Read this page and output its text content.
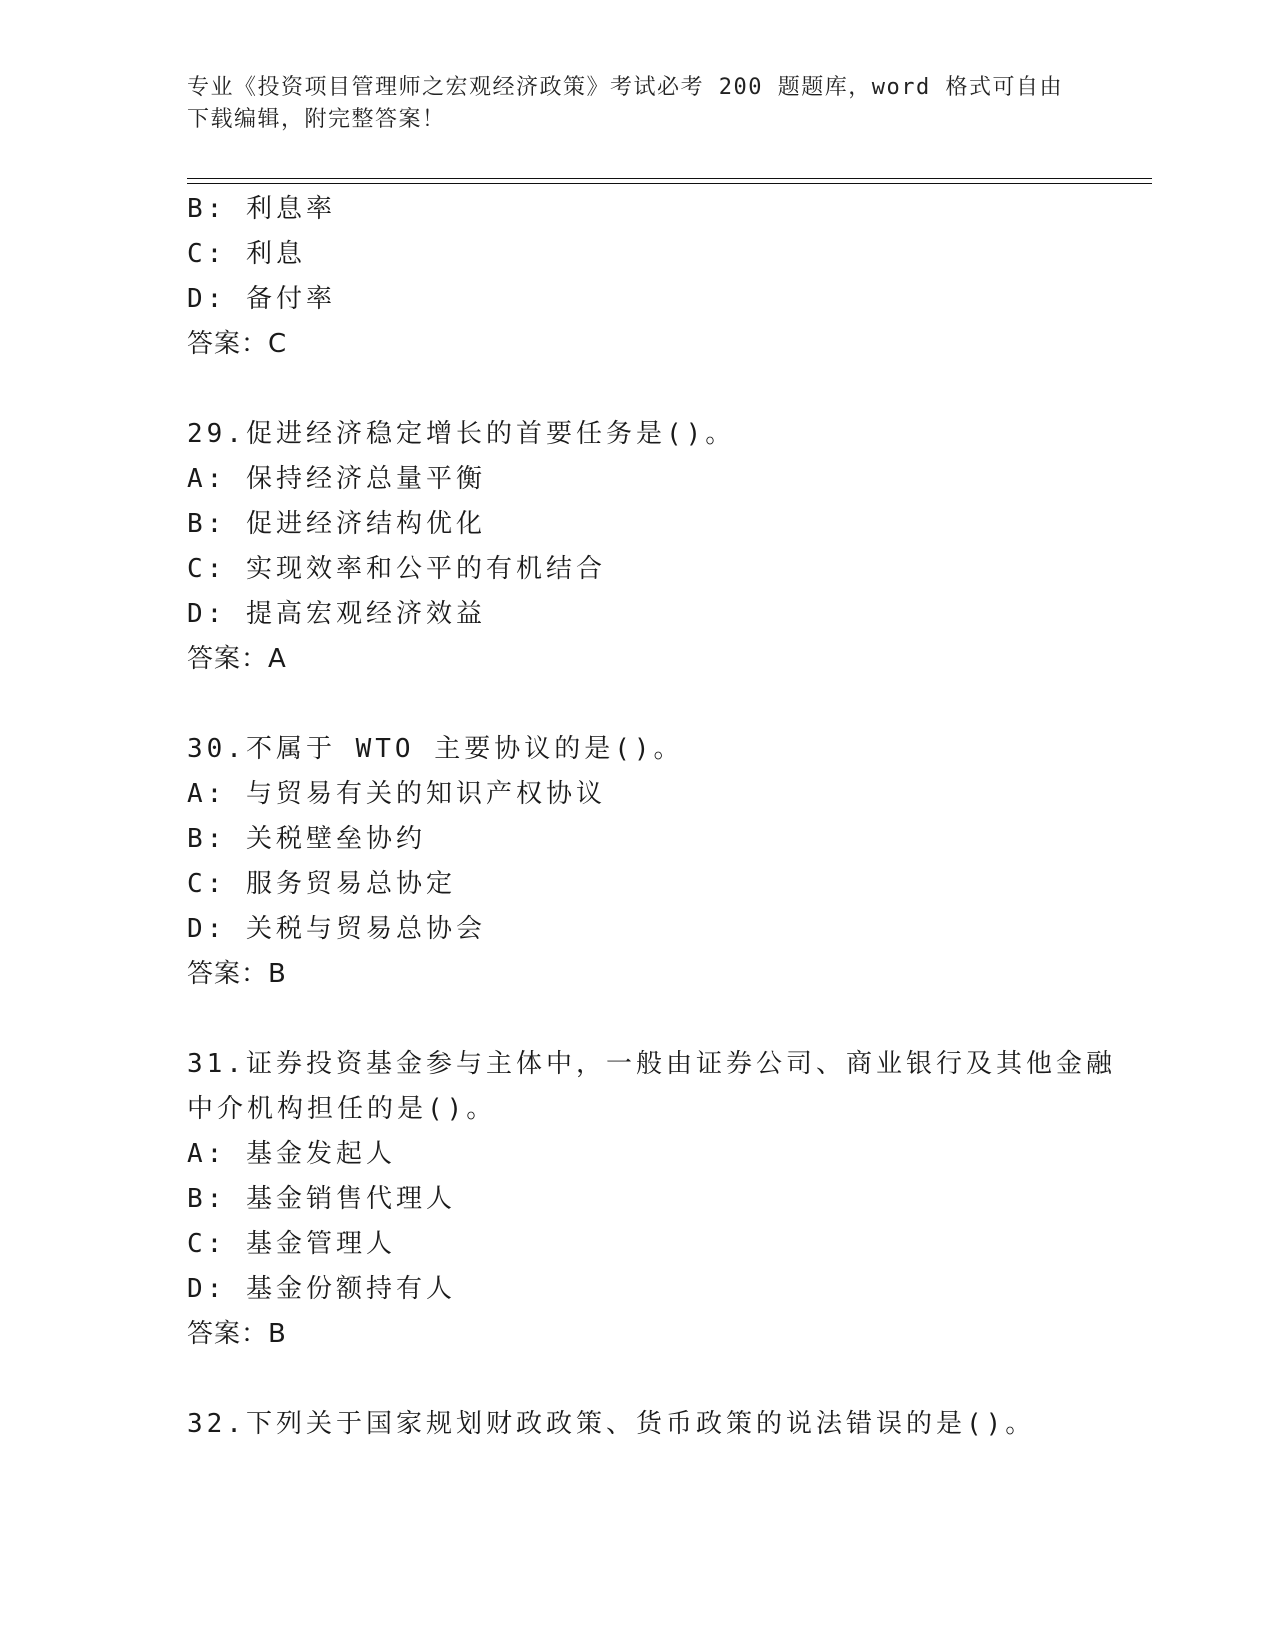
专业《投资项目管理师之宏观经济政策》考试必考 200 题题库，word 格式可自由
下载编辑，附完整答案！
B: 利息率
C: 利息
D: 备付率
答案：C
29.促进经济稳定增长的首要任务是()。
A: 保持经济总量平衡
B: 促进经济结构优化
C: 实现效率和公平的有机结合
D: 提高宏观经济效益
答案：A
30.不属于 WTO 主要协议的是()。
A: 与贸易有关的知识产权协议
B: 关税壁垒协约
C: 服务贸易总协定
D: 关税与贸易总协会
答案：B
31.证券投资基金参与主体中，一般由证券公司、商业银行及其他金融
中介机构担任的是()。
A: 基金发起人
B: 基金销售代理人
C: 基金管理人
D: 基金份额持有人
答案：B
32.下列关于国家规划财政政策、货币政策的说法错误的是()。
